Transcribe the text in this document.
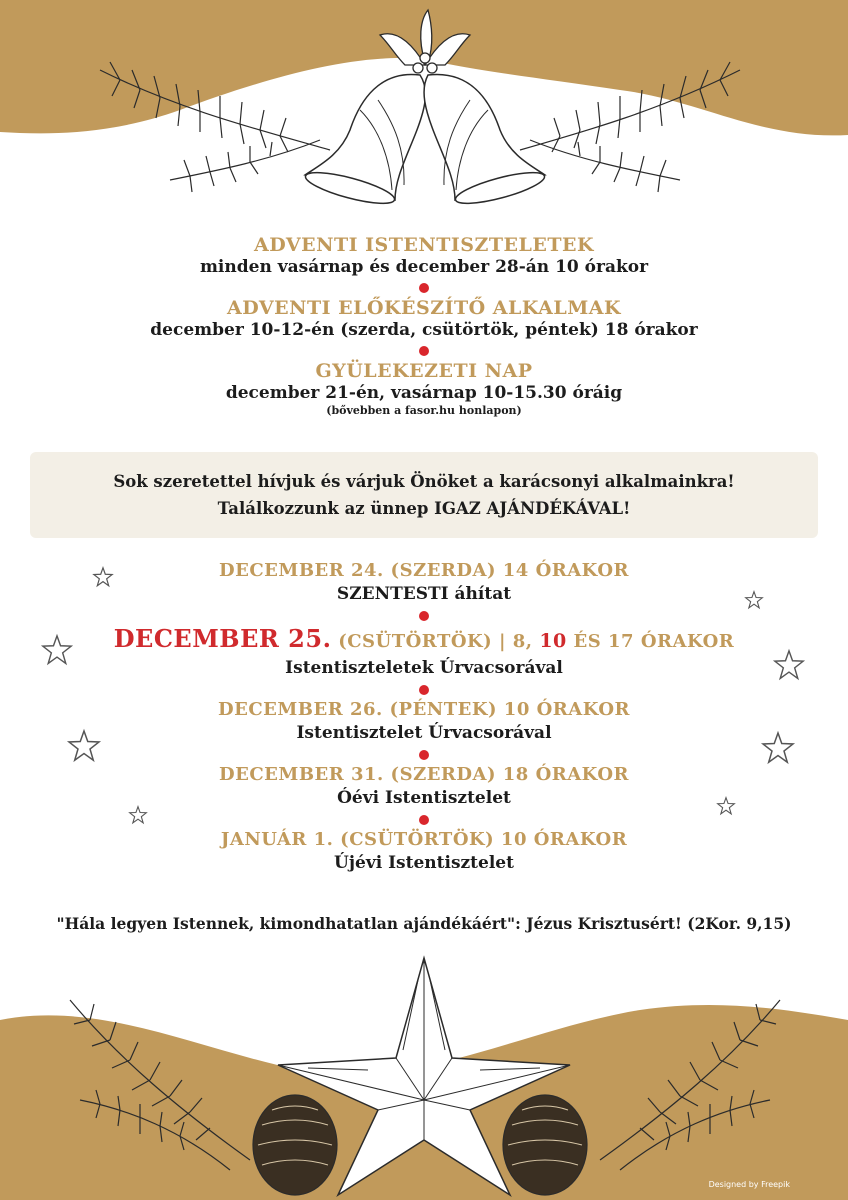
ADVENTI ISTENTISZTELETEK
minden vasárnap és december 28-án 10 órakor
ADVENTI ELŐKÉSZÍTŐ ALKALMAK
december 10-12-én (szerda, csütörtök, péntek) 18 órakor
GYÜLEKEZETI NAP
december 21-én, vasárnap 10-15.30 óráig
(bővebben a fasor.hu honlapon)
Sok szeretettel hívjuk és várjuk Önöket a karácsonyi alkalmainkra!
Találkozzunk az ünnep IGAZ AJÁNDÉKÁVAL!
DECEMBER 24. (SZERDA) 14 ÓRAKOR
SZENTESTI áhítat
DECEMBER 25. (CSÜTÖRTÖK) | 8, 10 ÉS 17 ÓRAKOR
Istentiszteletek Úrvacsorával
DECEMBER 26. (PÉNTEK) 10 ÓRAKOR
Istentisztelet Úrvacsorával
DECEMBER 31. (SZERDA) 18 ÓRAKOR
Óévi Istentisztelet
JANUÁR 1. (CSÜTÖRTÖK) 10 ÓRAKOR
Újévi Istentisztelet
"Hála legyen Istennek, kimondhatatlan ajándékáért": Jézus Krisztusért! (2Kor. 9,15)
Designed by Freepik
